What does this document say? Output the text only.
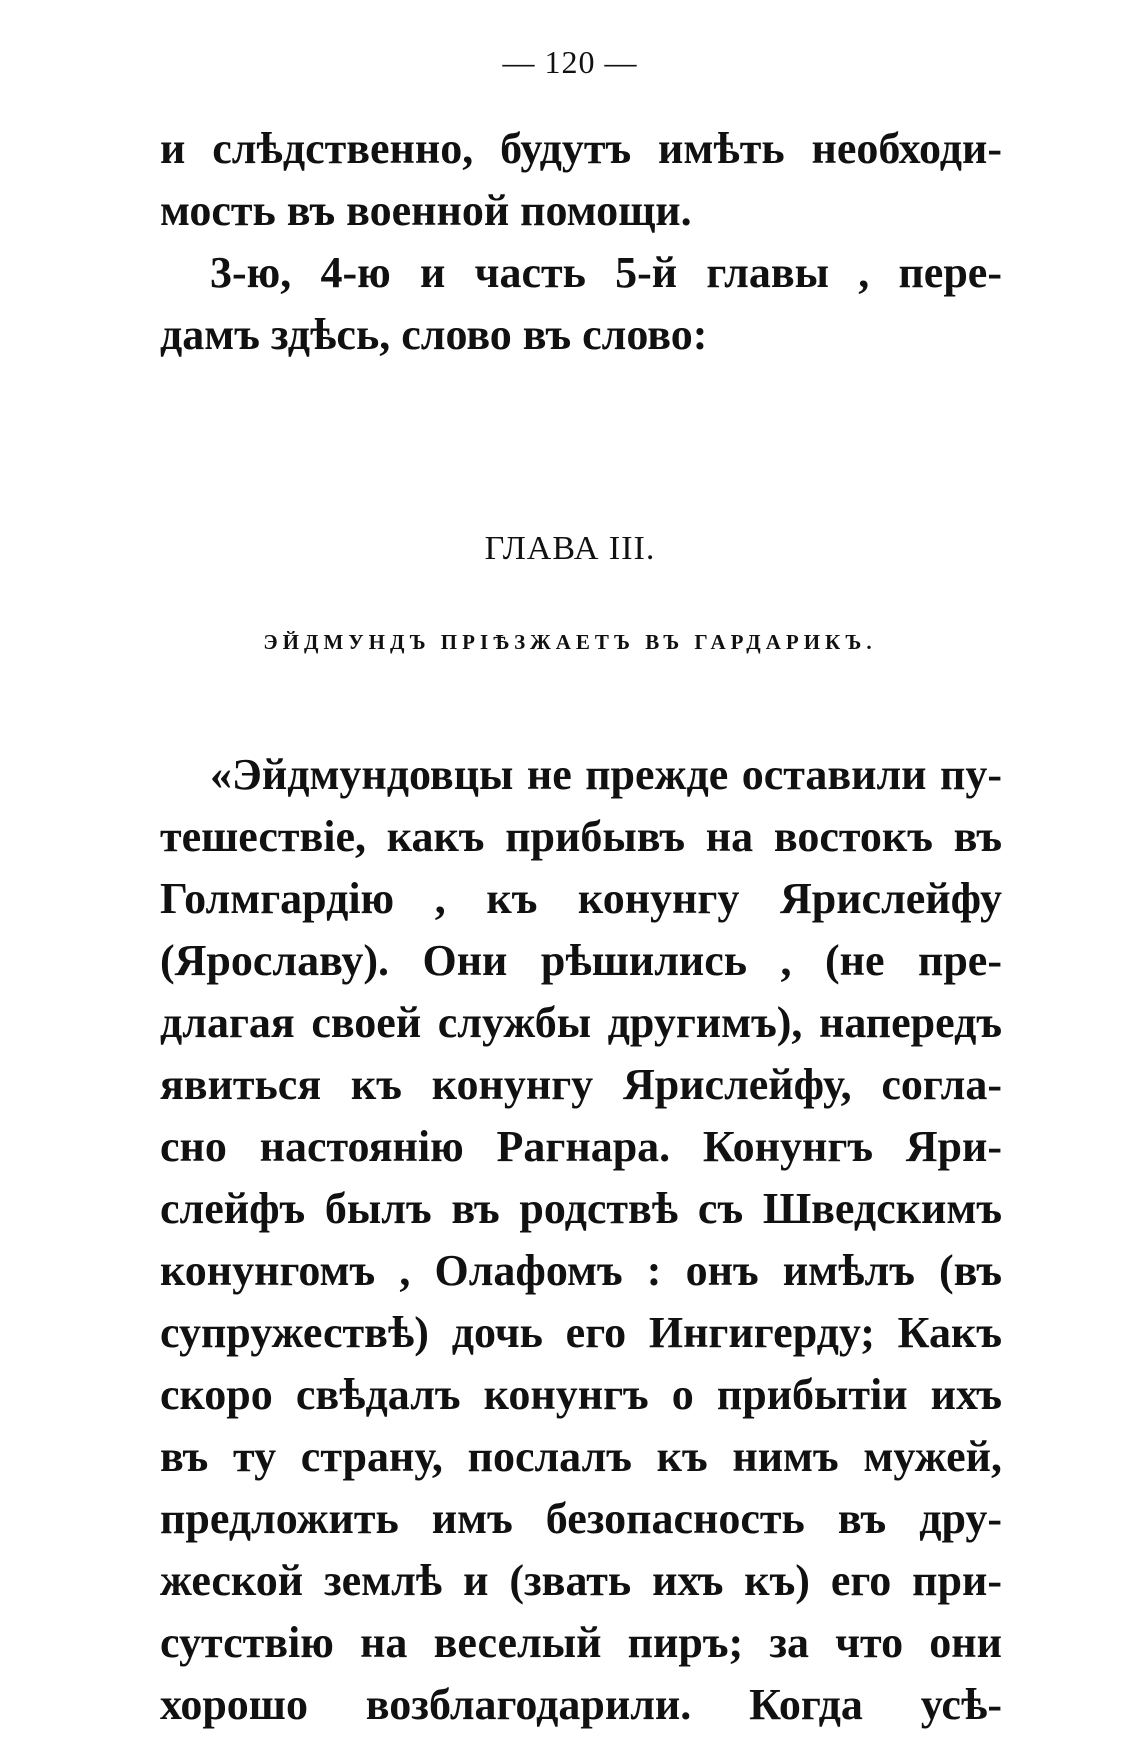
— 120 —
и слѣдственно, будутъ имѣть необходи-
мость въ военной помощи.
3-ю, 4-ю и часть 5-й главы , пере-
дамъ здѣсь, слово въ слово:
ГЛАВА III.
ЭЙДМУНДЪ ПРІѢЗЖАЕТЪ ВЪ ГАРДАРИКЪ.
«Эйдмундовцы не прежде оставили пу-
тешествіе, какъ прибывъ на востокъ въ
Голмгардію , къ конунгу Ярислейфу
(Ярославу). Они рѣшились , (не пре-
длагая своей службы другимъ), напередъ
явиться къ конунгу Ярислейфу, согла-
сно настоянію Рагнара. Конунгъ Яри-
слейфъ былъ въ родствѣ съ Шведскимъ
конунгомъ , Олафомъ : онъ имѣлъ (въ
супружествѣ) дочь его Ингигерду; Какъ
скоро свѣдалъ конунгъ о прибытіи ихъ
въ ту страну, послалъ къ нимъ мужей,
предложить имъ безопасность въ дру-
жеской землѣ и (звать ихъ къ) его при-
сутствію на веселый пиръ; за что они
хорошо возблагодарили. Когда усѣ-
